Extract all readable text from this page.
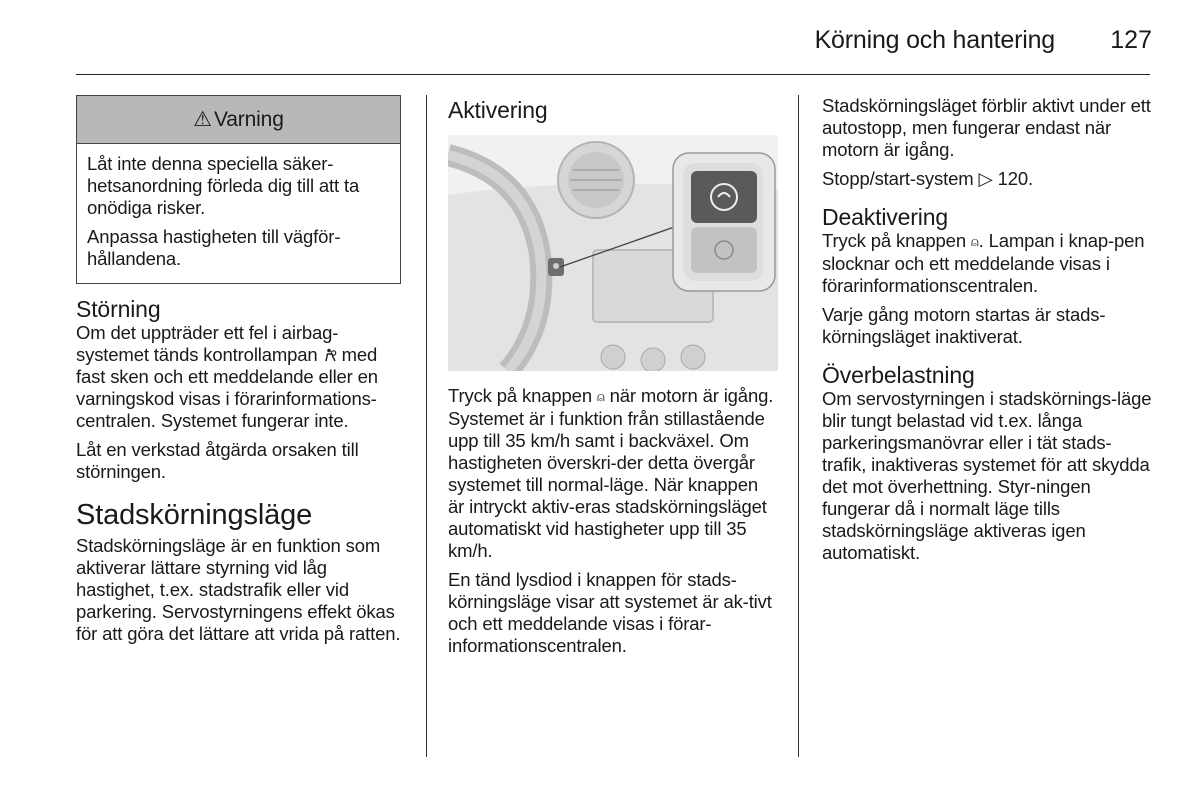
Körning och hantering 127
⚠ Varning

Låt inte denna speciella säker-hetsanordning förleda dig till att ta onödiga risker.

Anpassa hastigheten till vägför-hållandena.

Störning

Om det uppträder ett fel i airbag-systemet tänds kontrollampan med fast sken och ett meddelande eller en varningskod visas i förarinformations-centralen. Systemet fungerar inte.

Låt en verkstad åtgärda orsaken till störningen.

Stadskörningsläge

Stadskörningsläge är en funktion som aktiverar lättare styrning vid låg hastighet, t.ex. stadstrafik eller vid parkering. Servostyrningens effekt ökas för att göra det lättare att vrida på ratten.

Aktivering

Tryck på knappen ⍝ när motorn är igång. Systemet är i funktion från stillastående upp till 35 km/h samt i backväxel. Om hastigheten överskri-der detta övergår systemet till normal-läge. När knappen är intryckt aktiv-eras stadskörningsläget automatiskt vid hastigheter upp till 35 km/h.

En tänd lysdiod i knappen för stads-körningsläge visar att systemet är ak-tivt och ett meddelande visas i förar-informationscentralen.

Stadskörningsläget förblir aktivt under ett autostopp, men fungerar endast när motorn är igång.

Stopp/start-system ▷ 120.

Deaktivering

Tryck på knappen ⍝. Lampan i knap-pen slocknar och ett meddelande visas i förarinformationscentralen.

Varje gång motorn startas är stads-körningsläget inaktiverat.

Överbelastning

Om servostyrningen i stadskörnings-läge blir tungt belastad vid t.ex. långa parkeringsmanövrar eller i tät stads-trafik, inaktiveras systemet för att skydda det mot överhettning. Styr-ningen fungerar då i normalt läge tills stadskörningsläge aktiveras igen automatiskt.
